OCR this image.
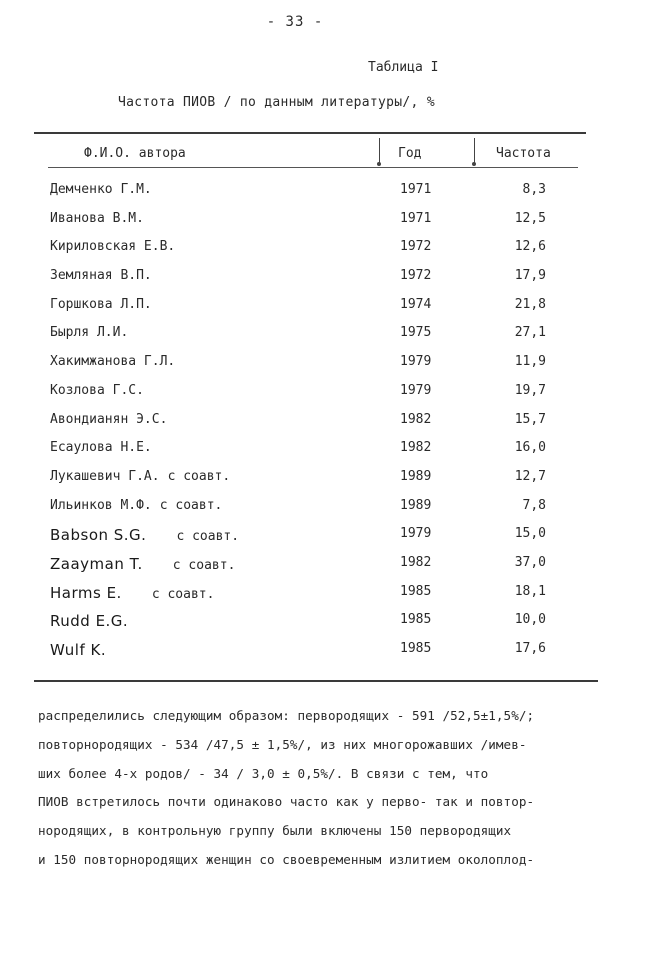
- 33 -
Таблица I
Частота ПИОВ / по данным литературы/, %
Ф.И.О. автора	Год	Частота
Демченко Г.М.	1971	8,3
Иванова В.М.	1971	12,5
Кириловская Е.В.	1972	12,6
Земляная В.П.	1972	17,9
Горшкова Л.П.	1974	21,8
Бырля Л.И.	1975	27,1
Хакимжанова Г.Л.	1979	11,9
Козлова Г.С.	1979	19,7
Авондианян Э.С.	1982	15,7
Есаулова Н.Е.	1982	16,0
Лукашевич Г.А. с соавт.	1989	12,7
Ильинков М.Ф. с соавт.	1989	7,8
Babson S.G. с соавт.	1979	15,0
Zaayman T. с соавт.	1982	37,0
Harms E. с соавт.	1985	18,1
Rudd E.G.	1985	10,0
Wulf K.	1985	17,6
распределились следующим образом: первородящих - 591 /52,5±1,5%/;
повторнородящих - 534 /47,5 ± 1,5%/, из них многорожавших /имев-
ших более 4-х родов/ - 34 / 3,0 ± 0,5%/. В связи с тем, что
ПИОВ встретилось почти одинаково часто как у перво- так и повтор-
нородящих, в контрольную группу были включены 150 первородящих
и 150 повторнородящих женщин со своевременным излитием околоплод-
